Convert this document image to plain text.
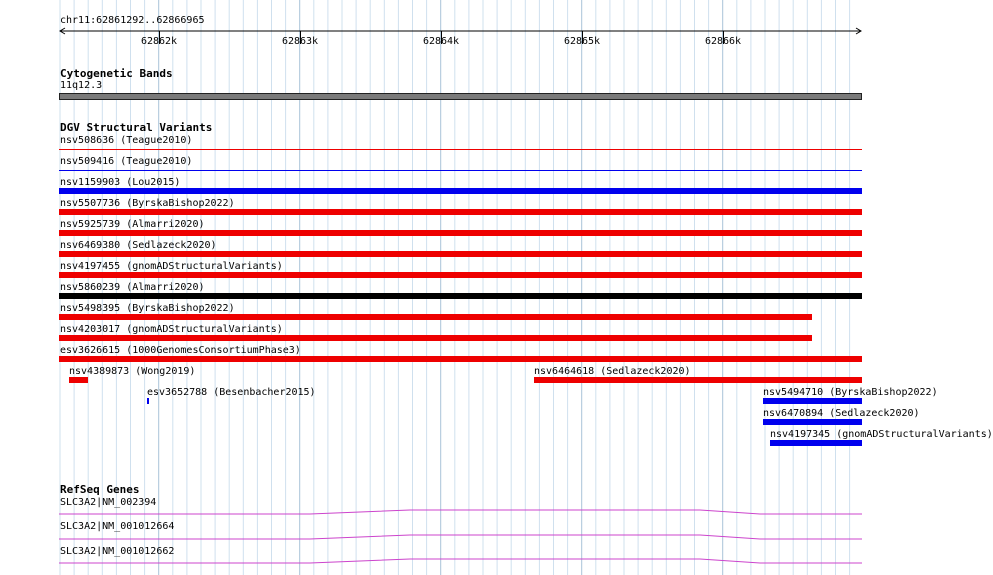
chr11:62861292..62866965
62862k	62863k	62864k	62865k	62866k
Cytogenetic Bands
11q12.3
DGV Structural Variants
nsv508636 (Teague2010)
nsv509416 (Teague2010)
nsv1159903 (Lou2015)
nsv5507736 (ByrskaBishop2022)
nsv5925739 (Almarri2020)
nsv6469380 (Sedlazeck2020)
nsv4197455 (gnomADStructuralVariants)
nsv5860239 (Almarri2020)
nsv5498395 (ByrskaBishop2022)
nsv4203017 (gnomADStructuralVariants)
esv3626615 (1000GenomesConsortiumPhase3)
nsv4389873 (Wong2019)	nsv6464618 (Sedlazeck2020)
esv3652788 (Besenbacher2015)	nsv5494710 (ByrskaBishop2022)
nsv6470894 (Sedlazeck2020)
nsv4197345 (gnomADStructuralVariants)
RefSeq Genes
SLC3A2|NM_002394
SLC3A2|NM_001012664
SLC3A2|NM_001012662
